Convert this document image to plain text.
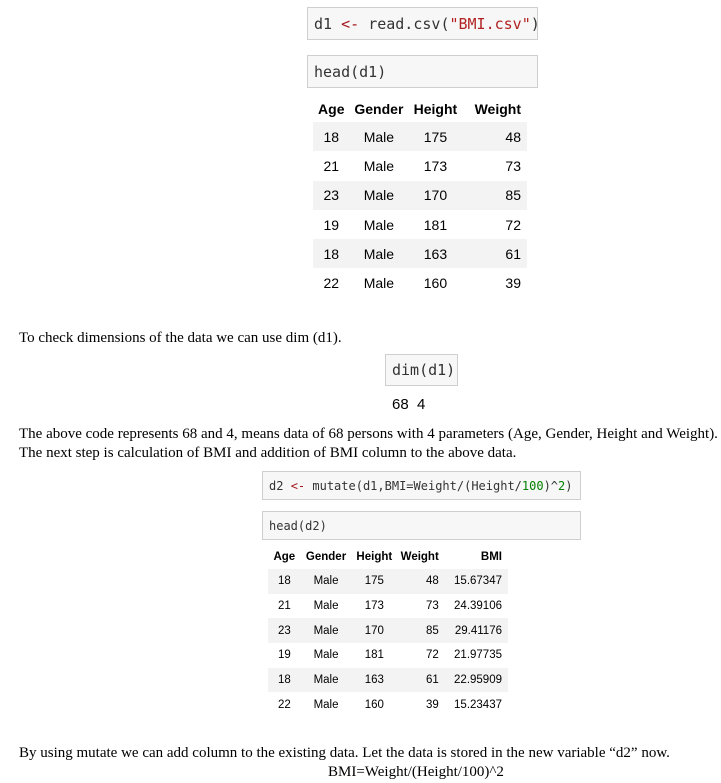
d1
<-
read.csv ( "BMI.csv" )
head(d1)
Age	Gender	Height	Weight
18	Male	175	48
21	Male	173	73
23	Male	170	85
19	Male	181	72
18	Male	163	61
22	Male	160	39
To check dimensions of the data we can use dim (d1).
dim(d1)
68 4
The above code represents 68 and 4, means data of 68 persons with 4 parameters (Age, Gender, Height and Weight).
The next step is calculation of BMI and addition of BMI column to the above data.
d2
<-
mutate(d1,BMI=Weight/(Height/ 100 )^ 2 )
head(d2)
Age	Gender	Height	Weight	BMI
18	Male	175	48	15.67347
21	Male	173	73	24.39106
23	Male	170	85	29.41176
19	Male	181	72	21.97735
18	Male	163	61	22.95909
22	Male	160	39	15.23437
By using mutate we can add column to the existing data. Let the data is stored in the new variable “d2” now.
BMI=Weight/(Height/100)^2
